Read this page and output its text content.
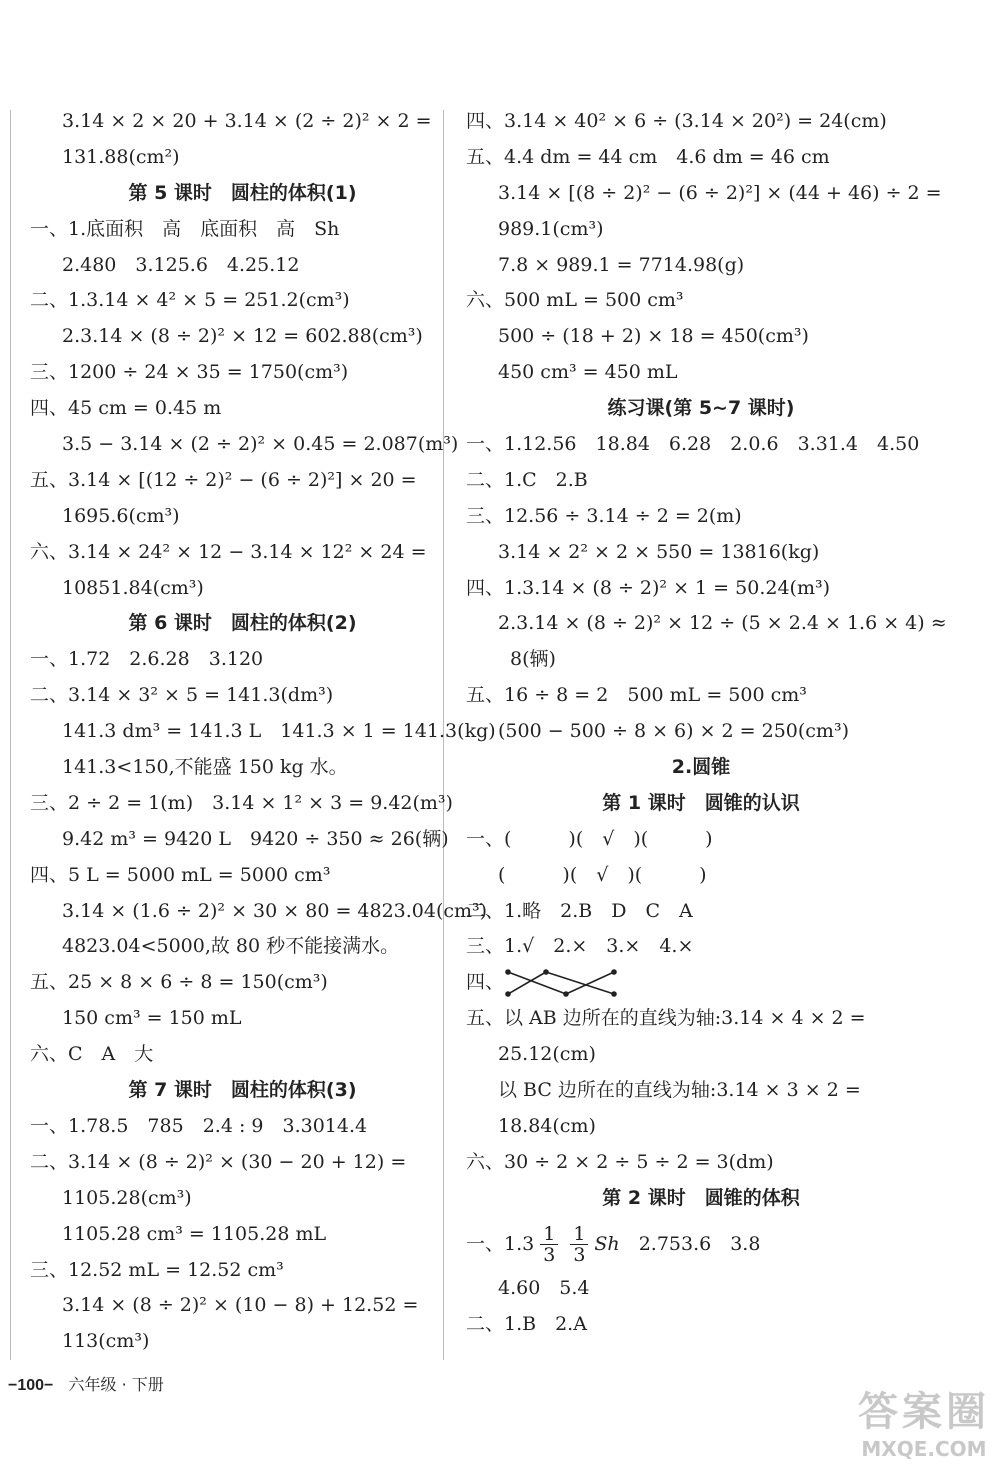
3.14 × 2 × 20 + 3.14 × (2 ÷ 2)² × 2 =
131.88(cm²)
第 5 课时　圆柱的体积(1)
一、1.底面积　高　底面积　高　Sh
2.480　3.125.6　4.25.12
二、1.3.14 × 4² × 5 = 251.2(cm³)
2.3.14 × (8 ÷ 2)² × 12 = 602.88(cm³)
三、1200 ÷ 24 × 35 = 1750(cm³)
四、45 cm = 0.45 m
3.5 − 3.14 × (2 ÷ 2)² × 0.45 = 2.087(m³)
五、3.14 × [(12 ÷ 2)² − (6 ÷ 2)²] × 20 =
1695.6(cm³)
六、3.14 × 24² × 12 − 3.14 × 12² × 24 =
10851.84(cm³)
第 6 课时　圆柱的体积(2)
一、1.72　2.6.28　3.120
二、3.14 × 3² × 5 = 141.3(dm³)
141.3 dm³ = 141.3 L　141.3 × 1 = 141.3(kg)
141.3<150,不能盛 150 kg 水。
三、2 ÷ 2 = 1(m)　3.14 × 1² × 3 = 9.42(m³)
9.42 m³ = 9420 L　9420 ÷ 350 ≈ 26(辆)
四、5 L = 5000 mL = 5000 cm³
3.14 × (1.6 ÷ 2)² × 30 × 80 = 4823.04(cm³)
4823.04<5000,故 80 秒不能接满水。
五、25 × 8 × 6 ÷ 8 = 150(cm³)
150 cm³ = 150 mL
六、C　A　大
第 7 课时　圆柱的体积(3)
一、1.78.5　785　2.4 : 9　3.3014.4
二、3.14 × (8 ÷ 2)² × (30 − 20 + 12) =
1105.28(cm³)
1105.28 cm³ = 1105.28 mL
三、12.52 mL = 12.52 cm³
3.14 × (8 ÷ 2)² × (10 − 8) + 12.52 =
113(cm³)
四、3.14 × 40² × 6 ÷ (3.14 × 20²) = 24(cm)
五、4.4 dm = 44 cm　4.6 dm = 46 cm
3.14 × [(8 ÷ 2)² − (6 ÷ 2)²] × (44 + 46) ÷ 2 =
989.1(cm³)
7.8 × 989.1 = 7714.98(g)
六、500 mL = 500 cm³
500 ÷ (18 + 2) × 18 = 450(cm³)
450 cm³ = 450 mL
练习课(第 5~7 课时)
一、1.12.56　18.84　6.28　2.0.6　3.31.4　4.50
二、1.C　2.B
三、12.56 ÷ 3.14 ÷ 2 = 2(m)
3.14 × 2² × 2 × 550 = 13816(kg)
四、1.3.14 × (8 ÷ 2)² × 1 = 50.24(m³)
2.3.14 × (8 ÷ 2)² × 12 ÷ (5 × 2.4 × 1.6 × 4) ≈
8(辆)
五、16 ÷ 8 = 2　500 mL = 500 cm³
(500 − 500 ÷ 8 × 6) × 2 = 250(cm³)
2.圆锥
第 1 课时　圆锥的认识
一、(　　　)(　√　)(　　　)
(　　　)(　√　)(　　　)
二、1.略　2.B　D　C　A
三、1.√　2.×　3.×　4.×
四、
五、以 AB 边所在的直线为轴:3.14 × 4 × 2 =
25.12(cm)
以 BC 边所在的直线为轴:3.14 × 3 × 2 =
18.84(cm)
六、30 ÷ 2 × 2 ÷ 5 ÷ 2 = 3(dm)
第 2 课时　圆锥的体积
一、$1.3 \frac{1}{3} \frac{1}{3}$ Sh　 2.753.6　3.8
4.60　5.4
二、1.B　2.A
−100− 六年级 · 下册
答案圈
MXQE.COM
